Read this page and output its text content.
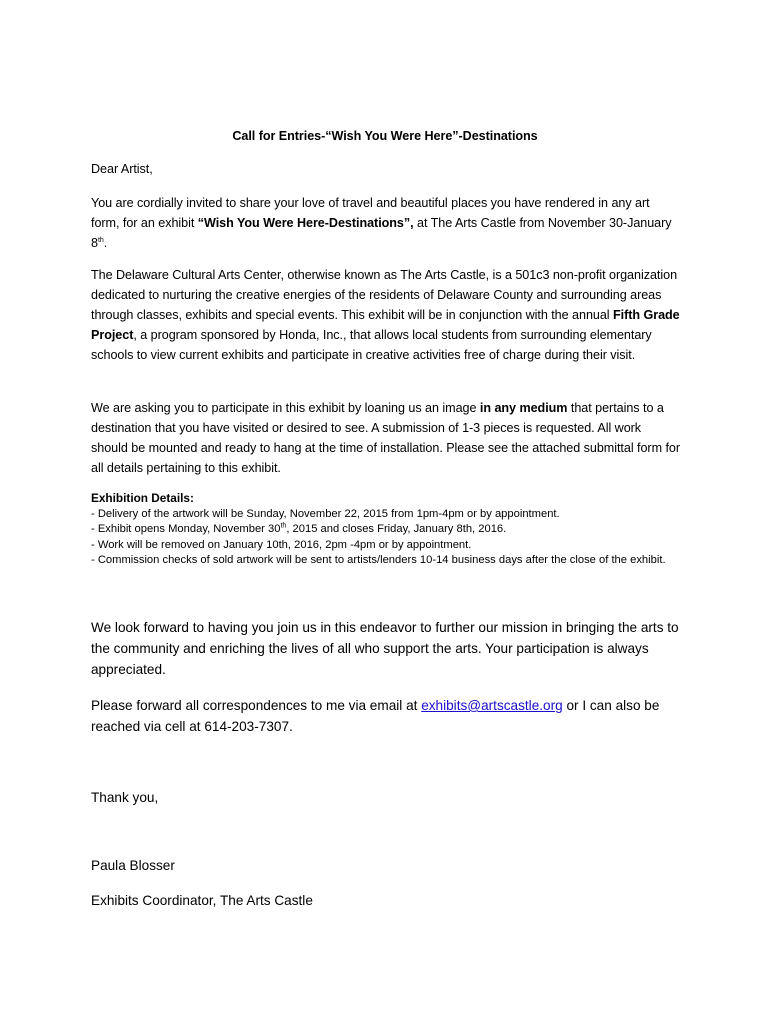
Call for Entries-“Wish You Were Here”-Destinations

Dear Artist,

You are cordially invited to share your love of travel and beautiful places you have rendered in any art form, for an exhibit “Wish You Were Here-Destinations”, at The Arts Castle from November 30-January 8th.

The Delaware Cultural Arts Center, otherwise known as The Arts Castle, is a 501c3 non-profit organization dedicated to nurturing the creative energies of the residents of Delaware County and surrounding areas through classes, exhibits and special events. This exhibit will be in conjunction with the annual Fifth Grade Project, a program sponsored by Honda, Inc., that allows local students from surrounding elementary schools to view current exhibits and participate in creative activities free of charge during their visit.

We are asking you to participate in this exhibit by loaning us an image in any medium that pertains to a destination that you have visited or desired to see. A submission of 1-3 pieces is requested. All work should be mounted and ready to hang at the time of installation. Please see the attached submittal form for all details pertaining to this exhibit.

Exhibition Details:
- Delivery of the artwork will be Sunday, November 22, 2015 from 1pm-4pm or by appointment.
- Exhibit opens Monday, November 30th, 2015 and closes Friday, January 8th, 2016.
- Work will be removed on January 10th, 2016, 2pm -4pm or by appointment.
- Commission checks of sold artwork will be sent to artists/lenders 10-14 business days after the close of the exhibit.

We look forward to having you join us in this endeavor to further our mission in bringing the arts to the community and enriching the lives of all who support the arts. Your participation is always appreciated.

Please forward all correspondences to me via email at exhibits@artscastle.org or I can also be reached via cell at 614-203-7307.

Thank you,

Paula Blosser

Exhibits Coordinator, The Arts Castle
